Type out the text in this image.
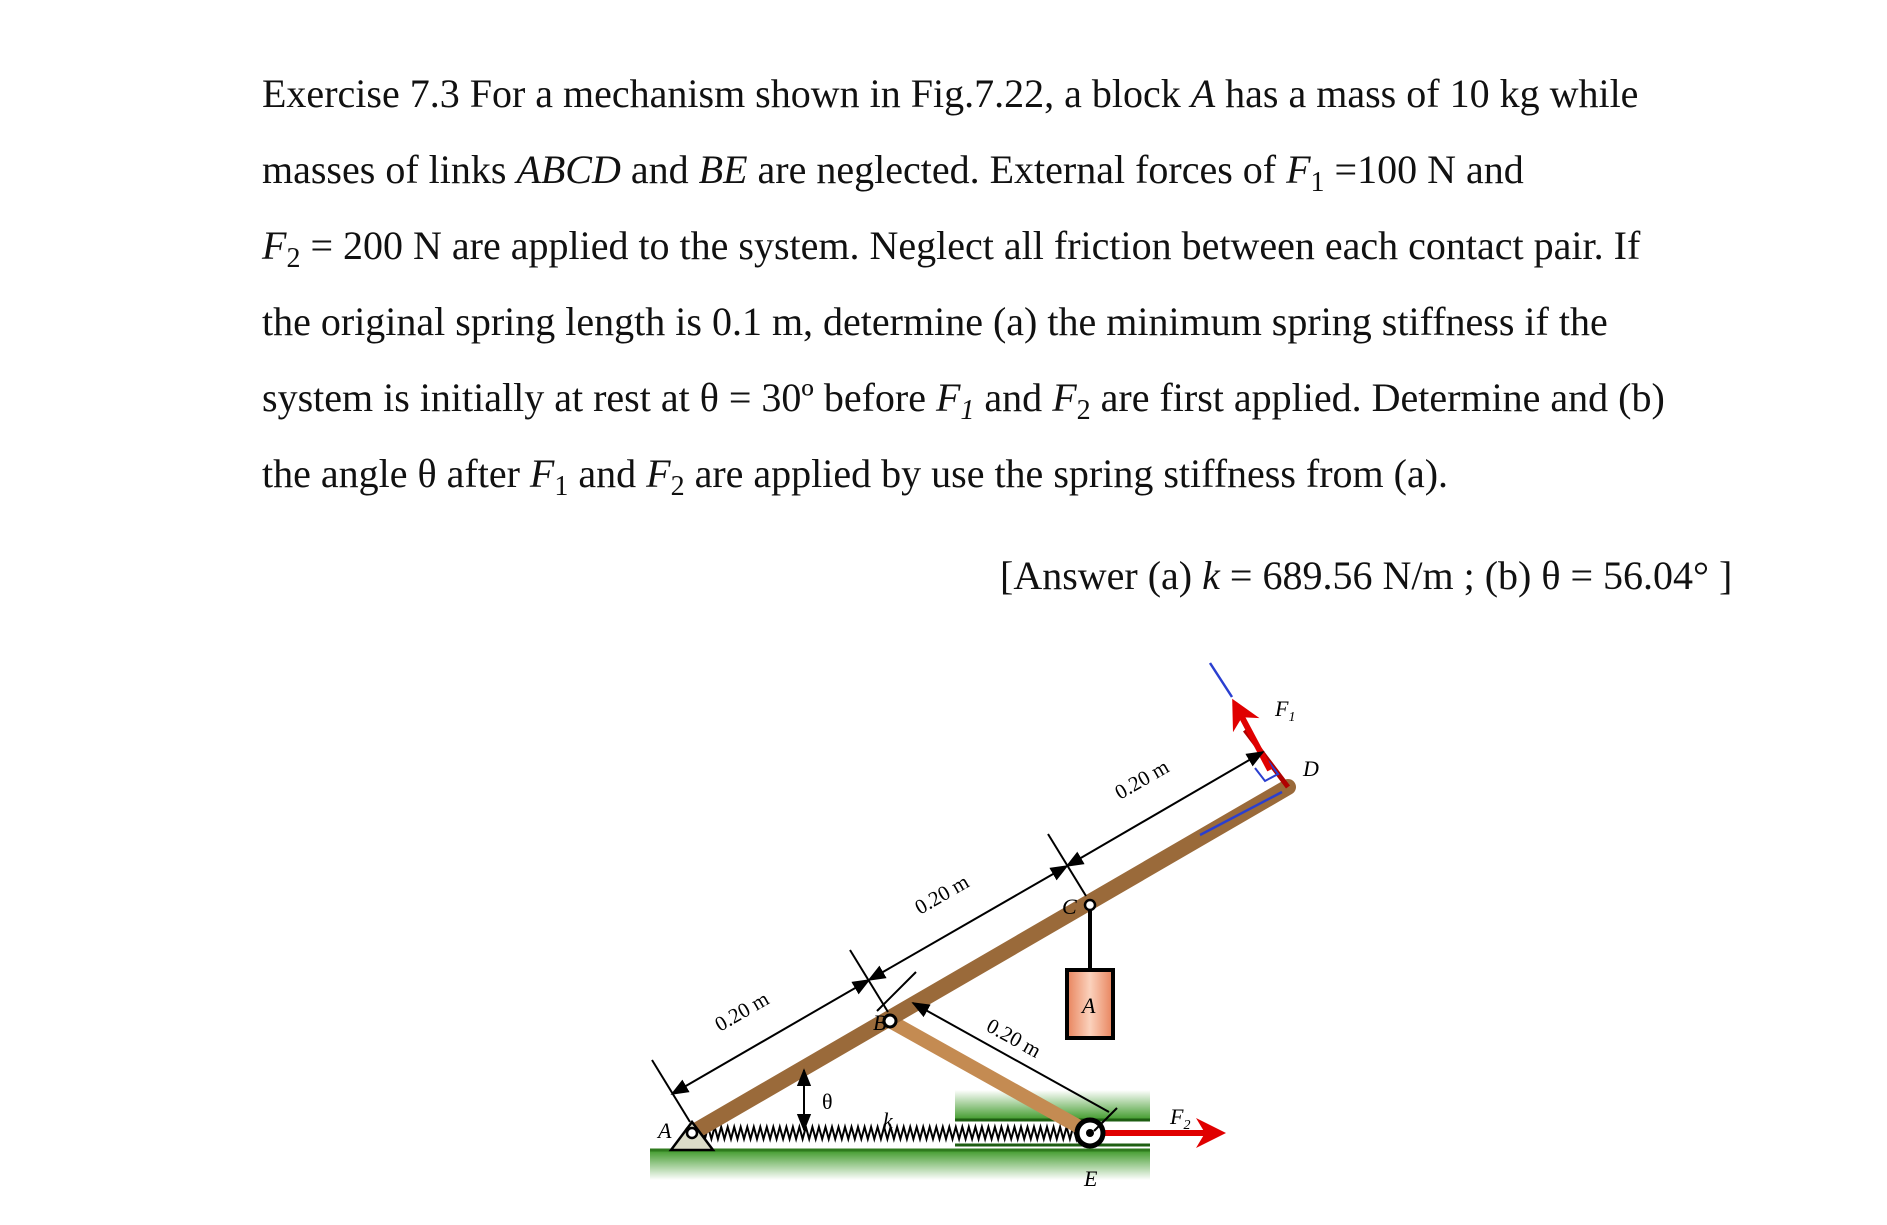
Exercise 7.3 For a mechanism shown in Fig.7.22, a block A has a mass of 10 kg while
masses of links ABCD and BE are neglected. External forces of $F_1 =100$ N and
$F_2 = 200$ N are applied to the system. Neglect all friction between each contact pair. If
the original spring length is 0.1 m, determine (a) the minimum spring stiffness if the
system is initially at rest at θ = 30º before $F_1$ and $F_2$ are first applied. Determine and (b)
the angle θ after $F_1$ and $F_2$ are applied by use the spring stiffness from (a).
[Answer (a) k = 689.56 N/m ; (b) θ = 56.04° ]
A
B
C
D
E
A
k
$F_1$
$F_2$
θ
0.20 m
0.20 m
0.20 m
0.20 m
